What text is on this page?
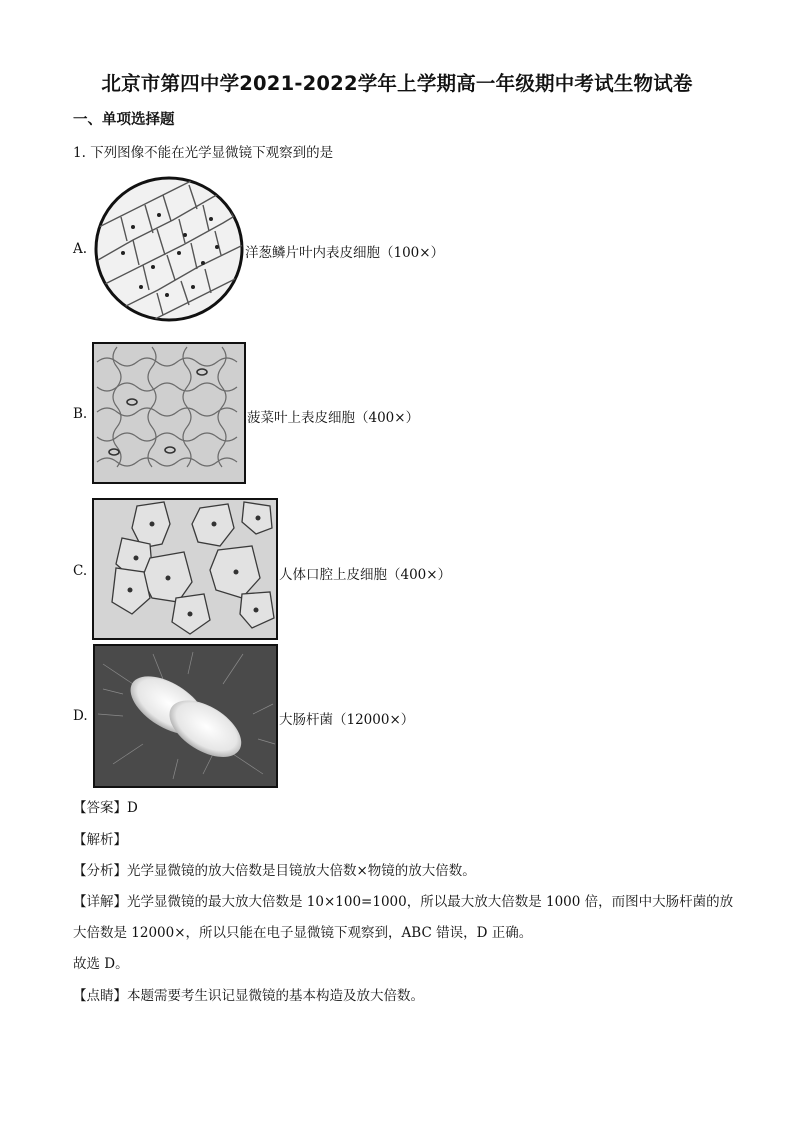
北京市第四中学2021-2022学年上学期高一年级期中考试生物试卷
一、单项选择题
1. 下列图像不能在光学显微镜下观察到的是
A.	洋葱鳞片叶内表皮细胞（100×）
B.	菠菜叶上表皮细胞（400×）
C.	人体口腔上皮细胞（400×）
D.	大肠杆菌（12000×）
【答案】D
【解析】
【分析】光学显微镜的放大倍数是目镜放大倍数×物镜的放大倍数。
【详解】光学显微镜的最大放大倍数是 10×100=1000，所以最大放大倍数是 1000 倍，而图中大肠杆菌的放
大倍数是 12000×，所以只能在电子显微镜下观察到，ABC 错误，D 正确。
故选 D。
【点睛】本题需要考生识记显微镜的基本构造及放大倍数。
